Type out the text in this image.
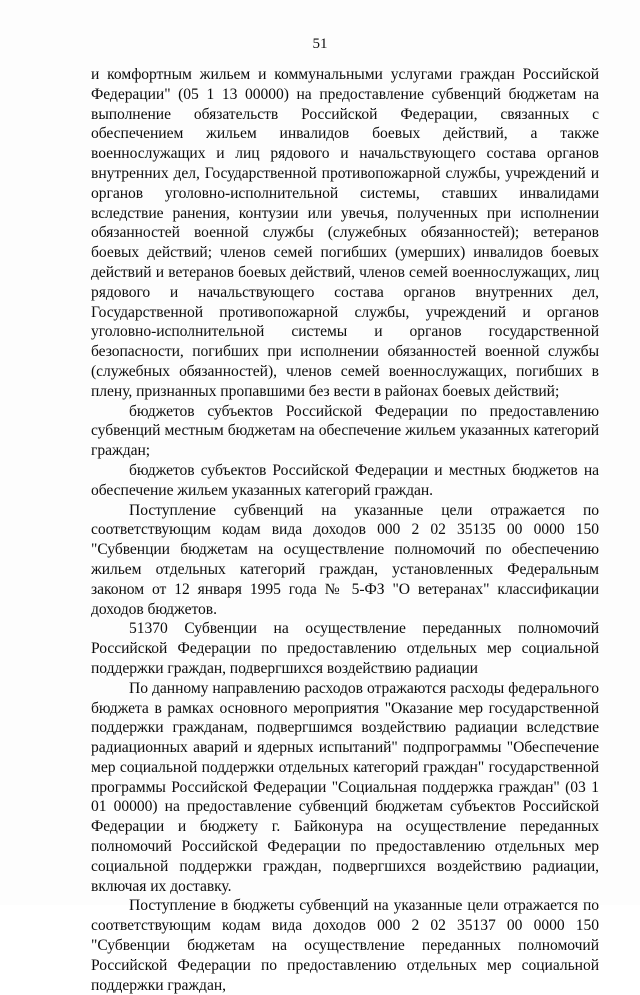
51

и комфортным жильем и коммунальными услугами граждан Российской Федерации" (05 1 13 00000) на предоставление субвенций бюджетам на выполнение обязательств Российской Федерации, связанных с обеспечением жильем инвалидов боевых действий, а также военнослужащих и лиц рядового и начальствующего состава органов внутренних дел, Государственной противопожарной службы, учреждений и органов уголовно-исполнительной системы, ставших инвалидами вследствие ранения, контузии или увечья, полученных при исполнении обязанностей военной службы (служебных обязанностей); ветеранов боевых действий; членов семей погибших (умерших) инвалидов боевых действий и ветеранов боевых действий, членов семей военнослужащих, лиц рядового и начальствующего состава органов внутренних дел, Государственной противопожарной службы, учреждений и органов уголовно-исполнительной системы и органов государственной безопасности, погибших при исполнении обязанностей военной службы (служебных обязанностей), членов семей военнослужащих, погибших в плену, признанных пропавшими без вести в районах боевых действий;

бюджетов субъектов Российской Федерации по предоставлению субвенций местным бюджетам на обеспечение жильем указанных категорий граждан;

бюджетов субъектов Российской Федерации и местных бюджетов на обеспечение жильем указанных категорий граждан.

Поступление субвенций на указанные цели отражается по соответствующим кодам вида доходов 000 2 02 35135 00 0000 150 "Субвенции бюджетам на осуществление полномочий по обеспечению жильем отдельных категорий граждан, установленных Федеральным законом от 12 января 1995 года № 5-ФЗ "О ветеранах" классификации доходов бюджетов.

51370 Субвенции на осуществление переданных полномочий Российской Федерации по предоставлению отдельных мер социальной поддержки граждан, подвергшихся воздействию радиации

По данному направлению расходов отражаются расходы федерального бюджета в рамках основного мероприятия "Оказание мер государственной поддержки гражданам, подвергшимся воздействию радиации вследствие радиационных аварий и ядерных испытаний" подпрограммы "Обеспечение мер социальной поддержки отдельных категорий граждан" государственной программы Российской Федерации "Социальная поддержка граждан" (03 1 01 00000) на предоставление субвенций бюджетам субъектов Российской Федерации и бюджету г. Байконура на осуществление переданных полномочий Российской Федерации по предоставлению отдельных мер социальной поддержки граждан, подвергшихся воздействию радиации, включая их доставку.

Поступление в бюджеты субвенций на указанные цели отражается по соответствующим кодам вида доходов 000 2 02 35137 00 0000 150 "Субвенции бюджетам на осуществление переданных полномочий Российской Федерации по предоставлению отдельных мер социальной поддержки граждан,
